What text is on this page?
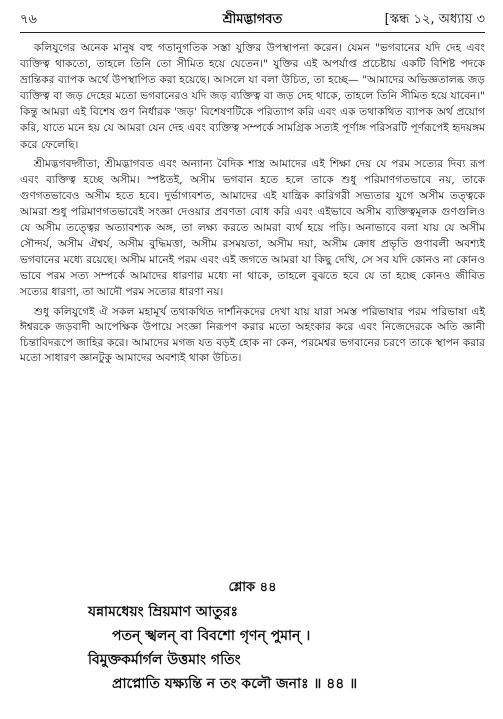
৭৬	শ্রীমদ্ভাগবত	[স্কন্ধ ১২, অধ্যায় ৩

কলিযুগের অনেক মানুষ বহু গতানুগতিক সস্তা যুক্তির উপস্থাপনা করেন। যেমন "ভগবানের যদি দেহ এবং ব্যক্তিত্ব থাকতো, তাহলে তিনি তো সীমিত হয়ে যেতেন।" যুক্তির এই অপর্যাপ্ত প্রচেষ্টায় একটি বিশিষ্ট পদকে ভ্রান্তিকর ব্যাপক অর্থে উপস্থাপিত করা হয়েছে। আসলে যা বলা উচিত, তা হচ্ছে— "আমাদের অভিজ্ঞতালব্ধ জড় ব্যক্তিত্ব বা জড় দেহের মতো ভগবানেরও যদি জড় ব্যক্তিত্ব বা জড় দেহ থাকে, তাহলে তিনি সীমিত হয়ে যাবেন।" কিন্তু আমরা এই বিশেষ গুণ নির্ধারক 'জড়' বিশেষণটিকে পরিত্যাগ করি এবং এক তথাকথিত ব্যাপক অর্থ প্রয়োগ করি, যাতে মনে হয় যে আমরা যেন দেহ এবং ব্যক্তিত্ব সম্পর্কে সামগ্রিক সত্যই পূর্ণাঙ্গ পরিসরটি পূর্ণরূপেই হৃদয়ঙ্গম করে ফেলেছি।

শ্রীমদ্ভগবদ্গীতা, শ্রীমদ্ভাগবত এবং অন্যান্য বৈদিক শাস্ত্র আমাদের এই শিক্ষা দেয় যে পরম সত্যের দিব্য রূপ এবং ব্যক্তিত্ব হচ্ছে অসীম। স্পষ্টতই, অসীম ভগবান হতে হলে তাকে শুধু পরিমাণগতভাবে নয়, তাকে গুণগতভাবেও অসীম হতে হবে। দুর্ভাগ্যবশত, আমাদের এই যান্ত্রিক কারিগরী সভ্যতার যুগে অসীম তত্ত্বকে আমরা শুধু পরিমাণগতভাবেই সংজ্ঞা দেওয়ার প্রবণতা বোধ করি এবং এইভাবে অসীম ব্যক্তিত্বমূলক গুণগুলিও যে অসীম তত্ত্বের অত্যাবশ্যক অঙ্গ, তা লক্ষ্য করতে আমরা ব্যর্থ হয়ে পড়ি। অনাভাবে বলা যায় যে অসীম সৌন্দর্য, অসীম ঐশ্বর্য, অসীম বুদ্ধিমত্তা, অসীম রসময়তা, অসীম দয়া, অসীম ক্রোধ প্রভৃতি গুণাবলী অবশ্যই ভগবানের মধ্যে রয়েছে। অসীম মানেই পরম এবং এই জগতে আমরা যা কিছু দেখি, সে সব যদি কোনও না কোনও ভাবে পরম সত্য সম্পর্কে আমাদের ধারণার মধ্যে না থাকে, তাহলে বুঝতে হবে যে তা হচ্ছে কোনও জীবিত সত্যের ধারণা, তা আদৌ পরম সত্যের ধারণা নয়।

শুধু কলিযুগেই ঐ সকল মহামূর্খ তথাকথিত দার্শনিকদের দেখা যায় যারা সমস্ত পরিভাষার পরম পরিভাষা এই ঈশ্বরকে জড়বাদী আপেক্ষিক উপায়ে সংজ্ঞা নিরূপণ করার মতো অহংকার করে এবং নিজেদেরকে অতি জ্ঞানী চিন্তাবিদরূপে জাহির করে। আমাদের মগজ যত বড়ই হোক না কেন, পরমেশ্বর ভগবানের চরণে তাকে স্থাপন করার মতো সাধারণ জ্ঞানটুকু আমাদের অবশ্যই থাকা উচিত।

শ্লোক ৪৪
যন্নামধেয়ং ম্রিয়মাণ আতুরঃ
পতন্ স্খলন্ বা বিবশো গৃণন্ পুমান্ ।
বিমুক্তকর্মার্গল উত্তমাং গতিং
প্রাপ্নোতি যক্ষ্যন্তি ন তং কলৌ জনাঃ ॥ ৪৪ ॥
